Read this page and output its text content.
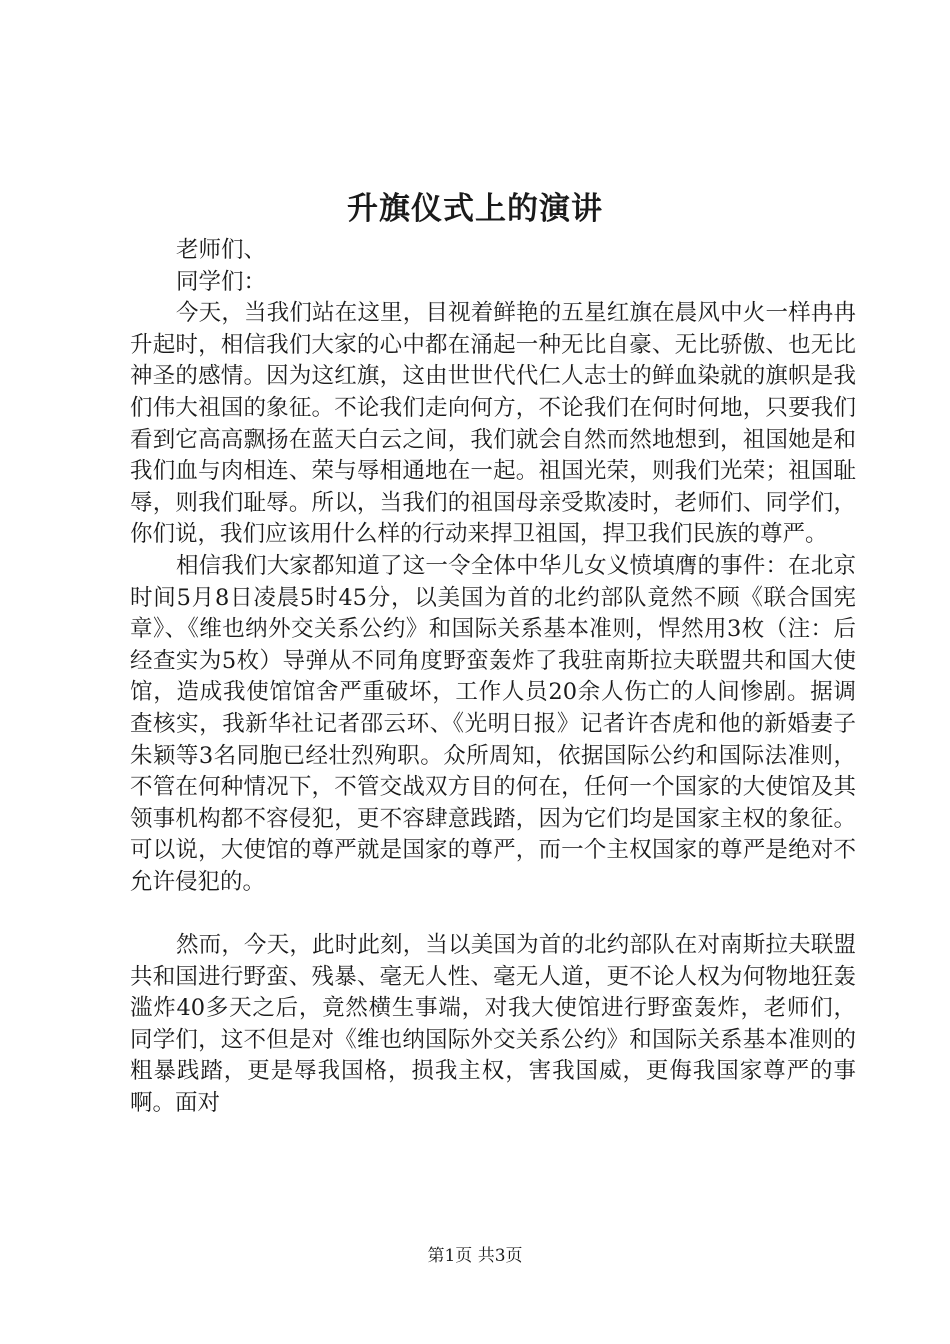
升旗仪式上的演讲

老师们、

同学们：

今天，当我们站在这里，目视着鲜艳的五星红旗在晨风中火一样冉冉升起时，相信我们大家的心中都在涌起一种无比自豪、无比骄傲、也无比神圣的感情。因为这红旗，这由世世代代仁人志士的鲜血染就的旗帜是我们伟大祖国的象征。不论我们走向何方，不论我们在何时何地，只要我们看到它高高飘扬在蓝天白云之间，我们就会自然而然地想到，祖国她是和我们血与肉相连、荣与辱相通地在一起。祖国光荣，则我们光荣；祖国耻辱，则我们耻辱。所以，当我们的祖国母亲受欺凌时，老师们、同学们，你们说，我们应该用什么样的行动来捍卫祖国，捍卫我们民族的尊严。

相信我们大家都知道了这一令全体中华儿女义愤填膺的事件：在北京时间5月8日凌晨5时45分，以美国为首的北约部队竟然不顾《联合国宪章》、《维也纳外交关系公约》和国际关系基本准则，悍然用3枚（注：后经查实为5枚）导弹从不同角度野蛮轰炸了我驻南斯拉夫联盟共和国大使馆，造成我使馆馆舍严重破坏，工作人员20余人伤亡的人间惨剧。据调查核实，我新华社记者邵云环、《光明日报》记者许杏虎和他的新婚妻子朱颖等3名同胞已经壮烈殉职。众所周知，依据国际公约和国际法准则，不管在何种情况下，不管交战双方目的何在，任何一个国家的大使馆及其领事机构都不容侵犯，更不容肆意践踏，因为它们均是国家主权的象征。可以说，大使馆的尊严就是国家的尊严，而一个主权国家的尊严是绝对不允许侵犯的。

然而，今天，此时此刻，当以美国为首的北约部队在对南斯拉夫联盟共和国进行野蛮、残暴、毫无人性、毫无人道，更不论人权为何物地狂轰滥炸40多天之后，竟然横生事端，对我大使馆进行野蛮轰炸，老师们，同学们，这不但是对《维也纳国际外交关系公约》和国际关系基本准则的粗暴践踏，更是辱我国格，损我主权，害我国威，更侮我国家尊严的事啊。面对

第1页 共3页
